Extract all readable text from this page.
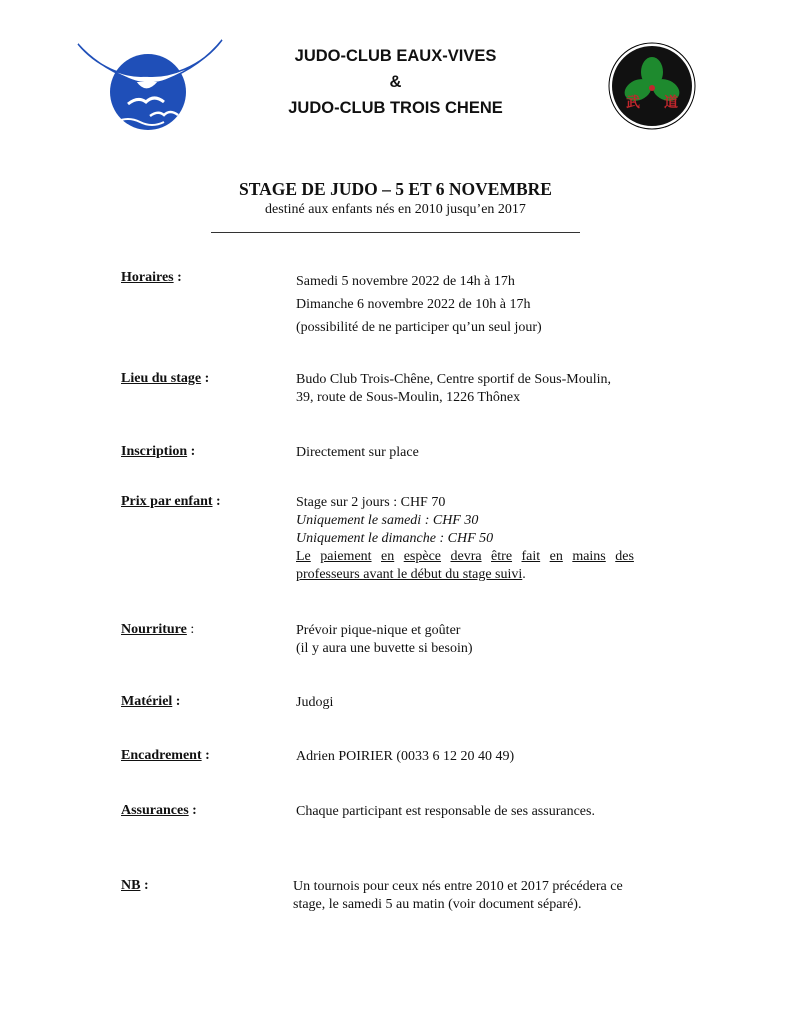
JUDO-CLUB EAUX-VIVES
&
JUDO-CLUB TROIS CHENE	武 道
STAGE DE JUDO – 5 ET 6 NOVEMBRE
destiné aux enfants nés en 2010 jusqu’en 2017
Horaires :	Samedi 5 novembre 2022 de 14h à 17h
Dimanche 6 novembre 2022 de 10h à 17h
(possibilité de ne participer qu’un seul jour)
Lieu du stage :	Budo Club Trois-Chêne, Centre sportif de Sous-Moulin,
39, route de Sous-Moulin, 1226 Thônex
Inscription :	Directement sur place
Prix par enfant :	Stage sur 2 jours : CHF 70
Uniquement le samedi : CHF 30
Uniquement le dimanche : CHF 50
Le paiement en espèce devra être fait en mains des
professeurs avant le début du stage suivi.
Nourriture :	Prévoir pique-nique et goûter
(il y aura une buvette si besoin)
Matériel :	Judogi
Encadrement :	Adrien POIRIER (0033 6 12 20 40 49)
Assurances :	Chaque participant est responsable de ses assurances.
NB :	Un tournois pour ceux nés entre 2010 et 2017 précédera ce
stage, le samedi 5 au matin (voir document séparé).
